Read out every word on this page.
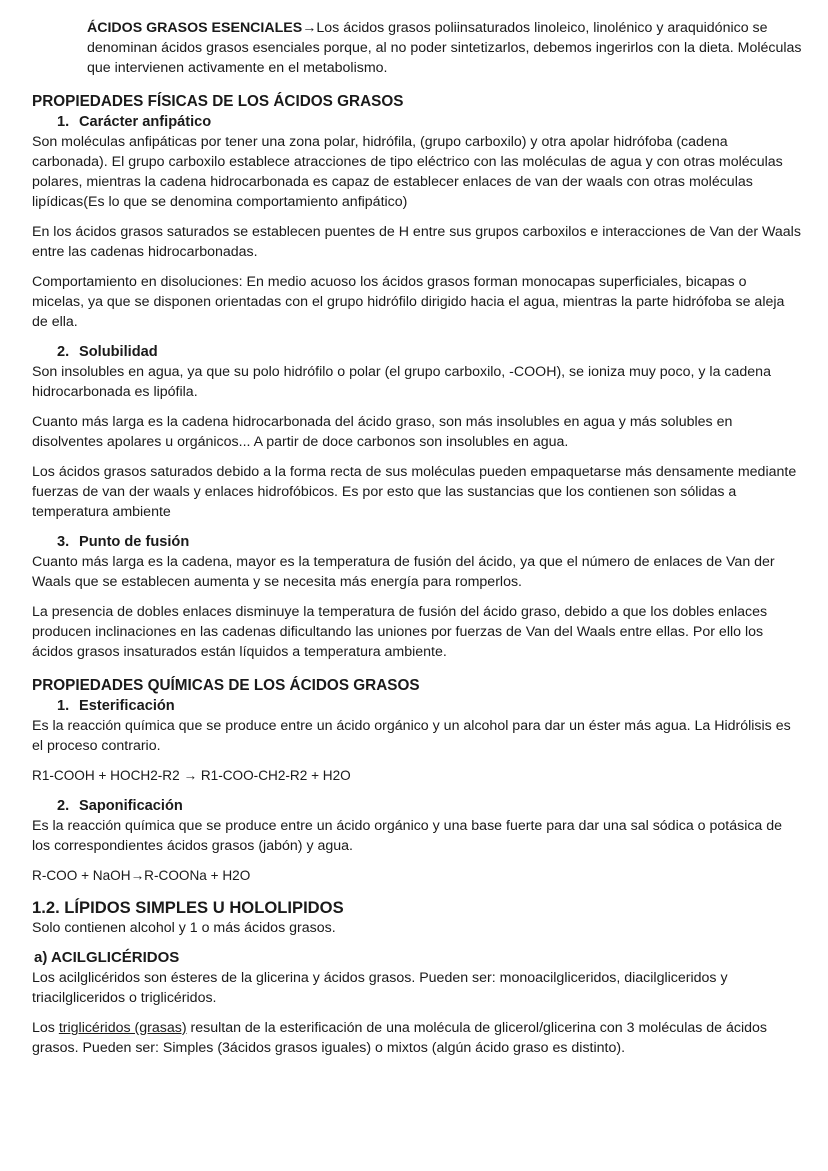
ÁCIDOS GRASOS ESENCIALES→Los ácidos grasos poliinsaturados linoleico, linolénico y araquidónico se denominan ácidos grasos esenciales porque, al no poder sintetizarlos, debemos ingerirlos con la dieta. Moléculas que intervienen activamente en el metabolismo.

PROPIEDADES FÍSICAS DE LOS ÁCIDOS GRASOS

1. Carácter anfipático

Son moléculas anfipáticas por tener una zona polar, hidrófila, (grupo carboxilo) y otra apolar hidrófoba (cadena carbonada). El grupo carboxilo establece atracciones de tipo eléctrico con las moléculas de agua y con otras moléculas polares, mientras la cadena hidrocarbonada es capaz de establecer enlaces de van der waals con otras moléculas lipídicas(Es lo que se denomina comportamiento anfipático)

En los ácidos grasos saturados se establecen puentes de H entre sus grupos carboxilos e interacciones de Van der Waals entre las cadenas hidrocarbonadas.

Comportamiento en disoluciones: En medio acuoso los ácidos grasos forman monocapas superficiales, bicapas o micelas, ya que se disponen orientadas con el grupo hidrófilo dirigido hacia el agua, mientras la parte hidrófoba se aleja de ella.

2. Solubilidad

Son insolubles en agua, ya que su polo hidrófilo o polar (el grupo carboxilo, -COOH), se ioniza muy poco, y la cadena hidrocarbonada es lipófila.

Cuanto más larga es la cadena hidrocarbonada del ácido graso, son más insolubles en agua y más solubles en disolventes apolares u orgánicos... A partir de doce carbonos son insolubles en agua.

Los ácidos grasos saturados debido a la forma recta de sus moléculas pueden empaquetarse más densamente mediante fuerzas de van der waals y enlaces hidrofóbicos. Es por esto que las sustancias que los contienen son sólidas a temperatura ambiente

3. Punto de fusión

Cuanto más larga es la cadena, mayor es la temperatura de fusión del ácido, ya que el número de enlaces de Van der Waals que se establecen aumenta y se necesita más energía para romperlos.

La presencia de dobles enlaces disminuye la temperatura de fusión del ácido graso, debido a que los dobles enlaces producen inclinaciones en las cadenas dificultando las uniones por fuerzas de Van del Waals entre ellas. Por ello los ácidos grasos insaturados están líquidos a temperatura ambiente.

PROPIEDADES QUÍMICAS DE LOS ÁCIDOS GRASOS

1. Esterificación

Es la reacción química que se produce entre un ácido orgánico y un alcohol para dar un éster más agua. La Hidrólisis es el proceso contrario.

R1-COOH + HOCH2-R2 → R1-COO-CH2-R2 + H2O

2. Saponificación

Es la reacción química que se produce entre un ácido orgánico y una base fuerte para dar una sal sódica o potásica de los correspondientes ácidos grasos (jabón) y agua.

R-COO + NaOH→R-COONa + H2O

1.2. LÍPIDOS SIMPLES U HOLOLIPIDOS

Solo contienen alcohol y 1 o más ácidos grasos.

a) ACILGLICÉRIDOS

Los acilglicéridos son ésteres de la glicerina y ácidos grasos. Pueden ser: monoacilgliceridos, diacilgliceridos y triacilgliceridos o triglicéridos.

Los triglicéridos (grasas) resultan de la esterificación de una molécula de glicerol/glicerina con 3 moléculas de ácidos grasos. Pueden ser: Simples (3ácidos grasos iguales) o mixtos (algún ácido graso es distinto).
